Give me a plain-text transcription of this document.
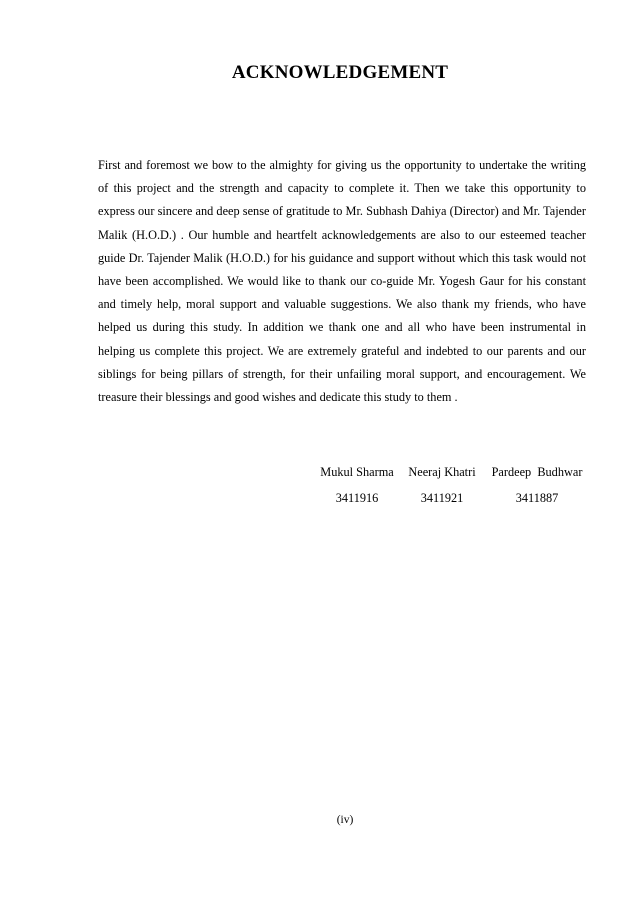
ACKNOWLEDGEMENT

First and foremost we bow to the almighty for giving us the opportunity to undertake the writing of this project and the strength and capacity to complete it. Then we take this opportunity to express our sincere and deep sense of gratitude to Mr. Subhash Dahiya (Director) and Mr. Tajender Malik (H.O.D.) . Our humble and heartfelt acknowledgements are also to our esteemed teacher guide Dr. Tajender Malik (H.O.D.) for his guidance and support without which this task would not have been accomplished. We would like to thank our co-guide Mr. Yogesh Gaur for his constant and timely help, moral support and valuable suggestions. We also thank my friends, who have helped us during this study. In addition we thank one and all who have been instrumental in helping us complete this project. We are extremely grateful and indebted to our parents and our siblings for being pillars of strength, for their unfailing moral support, and encouragement. We treasure their blessings and good wishes and dedicate this study to them .

Mukul Sharma	Neeraj Khatri	Pardeep  Budhwar
3411916	3411921	3411887
(iv)
